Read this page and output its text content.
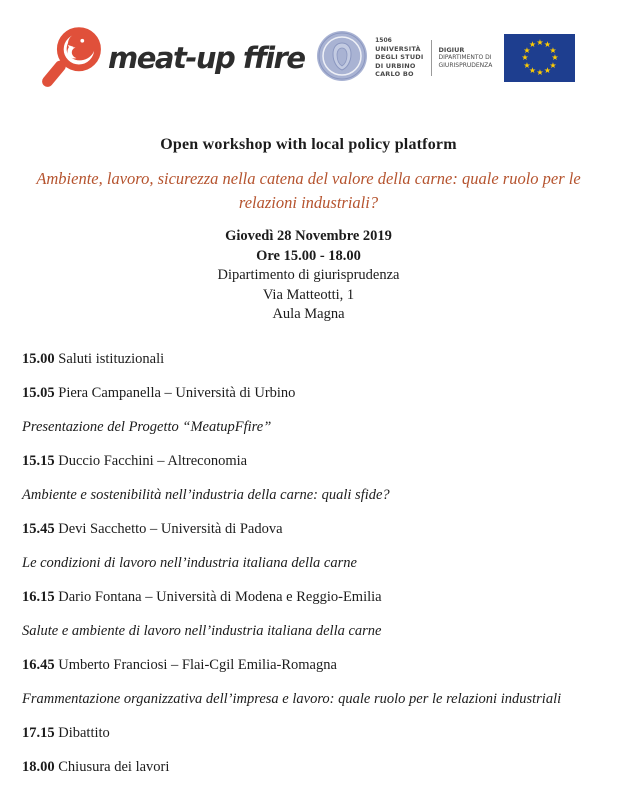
meat-up ffire
1506
UNIVERSITÀ
DEGLI STUDI
DI URBINO
CARLO BO
DIGIUR
DIPARTIMENTO DI
GIURISPRUDENZA
★ ★
★
★
★
★
★
★
★
★
★
★
Open workshop with local policy platform
Ambiente, lavoro, sicurezza nella catena del valore della carne: quale ruolo per le relazioni industriali?
Giovedì 28 Novembre 2019
Ore 15.00 - 18.00
Dipartimento di giurisprudenza
Via Matteotti, 1
Aula Magna

15.00 Saluti istituzionali

15.05 Piera Campanella – Università di Urbino

Presentazione del Progetto “MeatupFfire”

15.15 Duccio Facchini – Altreconomia

Ambiente e sostenibilità nell’industria della carne: quali sfide?

15.45 Devi Sacchetto – Università di Padova

Le condizioni di lavoro nell’industria italiana della carne

16.15 Dario Fontana – Università di Modena e Reggio-Emilia

Salute e ambiente di lavoro nell’industria italiana della carne

16.45 Umberto Franciosi – Flai-Cgil Emilia-Romagna

Frammentazione organizzativa dell’impresa e lavoro: quale ruolo per le relazioni industriali

17.15 Dibattito

18.00 Chiusura dei lavori
